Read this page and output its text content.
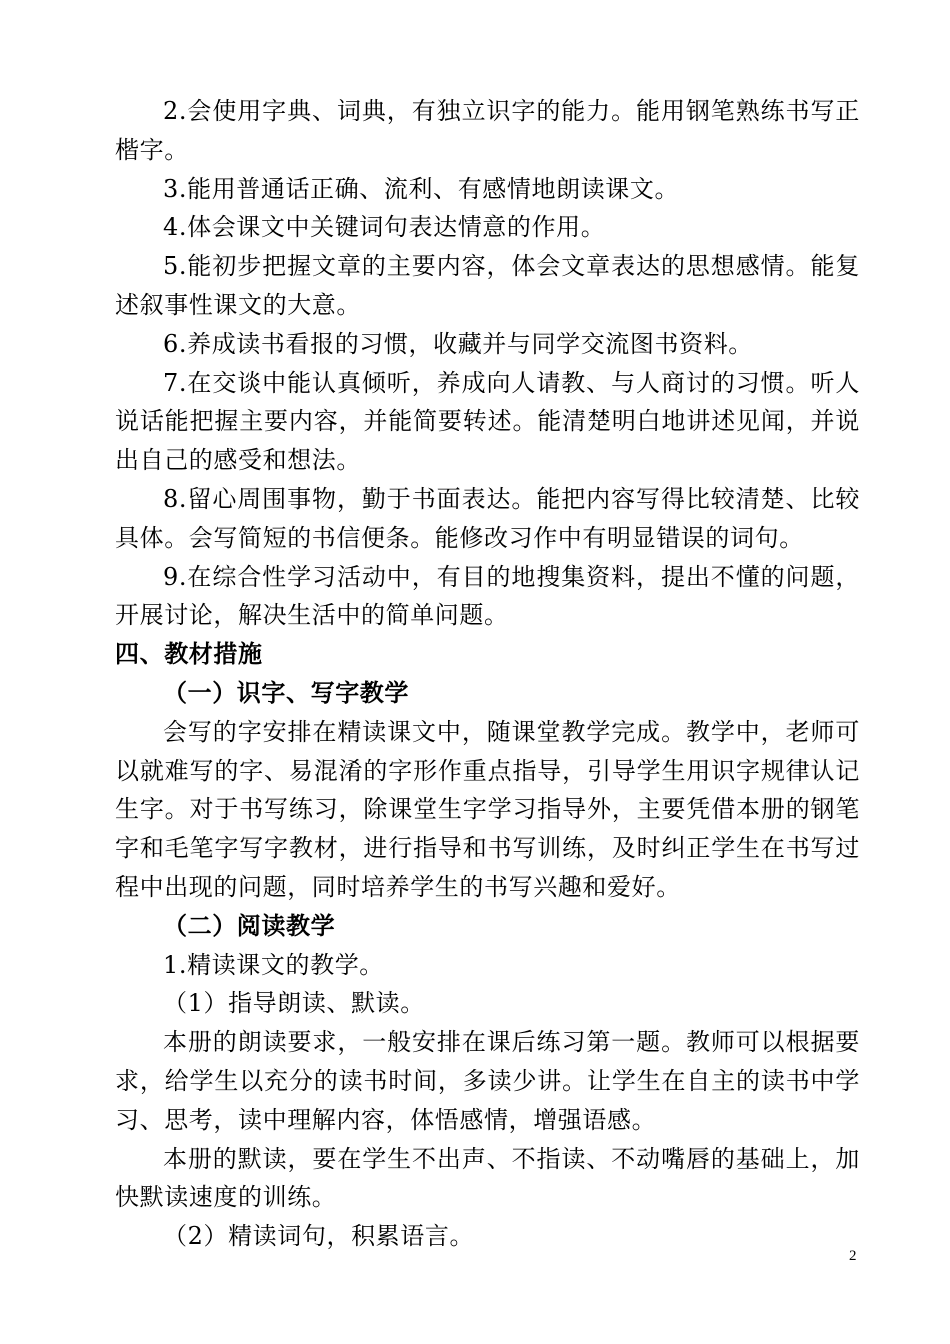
2.会使用字典、词典，有独立识字的能力。能用钢笔熟练书写正楷字。

3.能用普通话正确、流利、有感情地朗读课文。

4.体会课文中关键词句表达情意的作用。

5.能初步把握文章的主要内容，体会文章表达的思想感情。能复述叙事性课文的大意。

6.养成读书看报的习惯，收藏并与同学交流图书资料。

7.在交谈中能认真倾听，养成向人请教、与人商讨的习惯。听人说话能把握主要内容，并能简要转述。能清楚明白地讲述见闻，并说出自己的感受和想法。

8.留心周围事物，勤于书面表达。能把内容写得比较清楚、比较具体。会写简短的书信便条。能修改习作中有明显错误的词句。

9.在综合性学习活动中，有目的地搜集资料，提出不懂的问题，开展讨论，解决生活中的简单问题。

四、教材措施

（一）识字、写字教学

会写的字安排在精读课文中，随课堂教学完成。教学中，老师可以就难写的字、易混淆的字形作重点指导，引导学生用识字规律认记生字。对于书写练习，除课堂生字学习指导外，主要凭借本册的钢笔字和毛笔字写字教材，进行指导和书写训练，及时纠正学生在书写过程中出现的问题，同时培养学生的书写兴趣和爱好。

（二）阅读教学

1.精读课文的教学。

（1）指导朗读、默读。

本册的朗读要求，一般安排在课后练习第一题。教师可以根据要求，给学生以充分的读书时间，多读少讲。让学生在自主的读书中学习、思考，读中理解内容，体悟感情，增强语感。

本册的默读，要在学生不出声、不指读、不动嘴唇的基础上，加快默读速度的训练。

（2）精读词句，积累语言。

2
